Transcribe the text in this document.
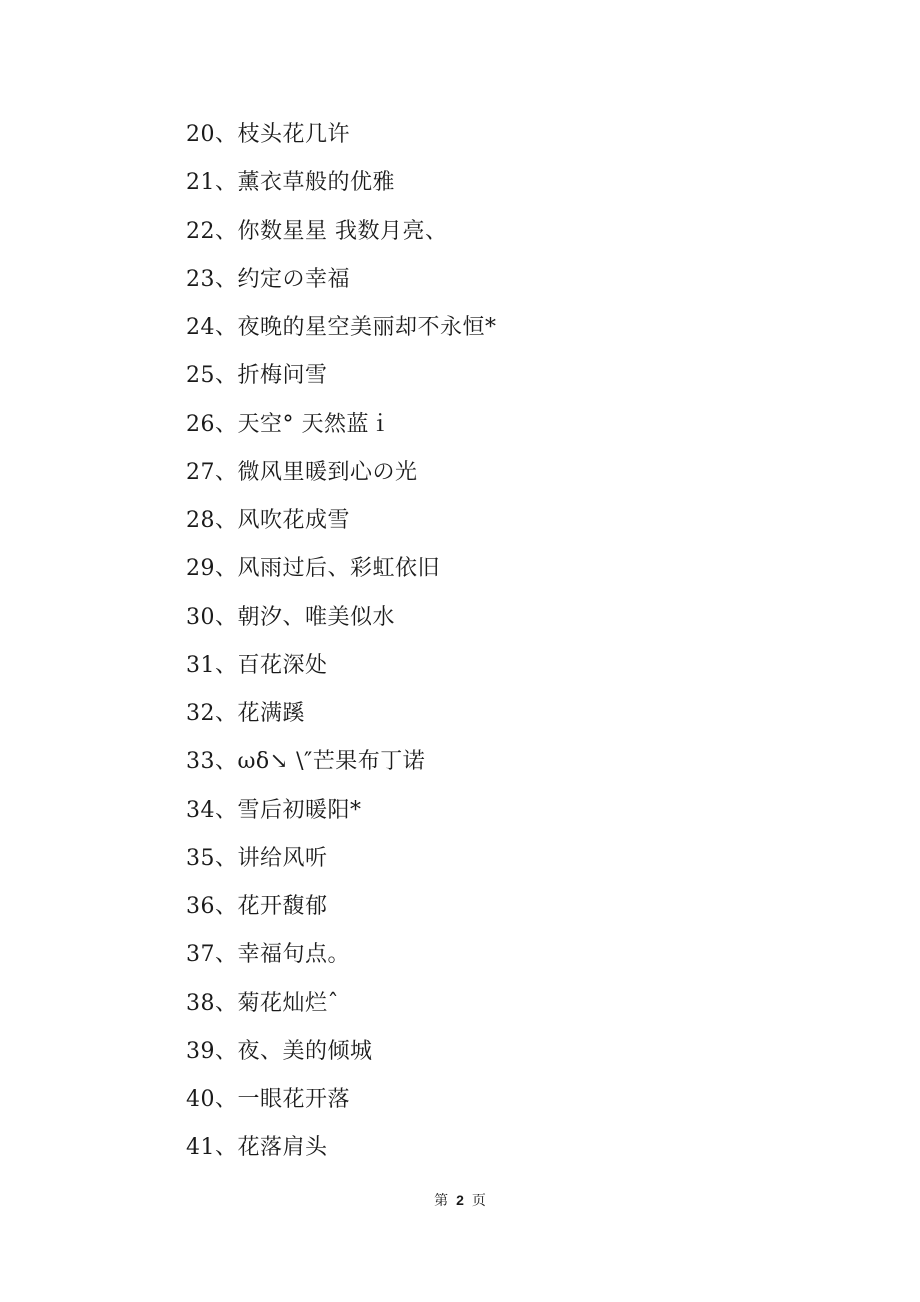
20、枝头花几许
21、薰衣草般的优雅
22、你数星星 我数月亮、
23、约定の幸福
24、夜晚的星空美丽却不永恒*
25、折梅问雪
26、天空° 天然蓝ｉ
27、微风里暖到心の光
28、风吹花成雪
29、风雨过后、彩虹依旧
30、朝汐、唯美似水
31、百花深处
32、花满蹊
33、ωδ↘ \″芒果布丁诺
34、雪后初暖阳*
35、讲给风听
36、花开馥郁
37、幸福句点。
38、菊花灿烂ˆ
39、夜、美的倾城
40、一眼花开落
41、花落肩头
第 2 页
